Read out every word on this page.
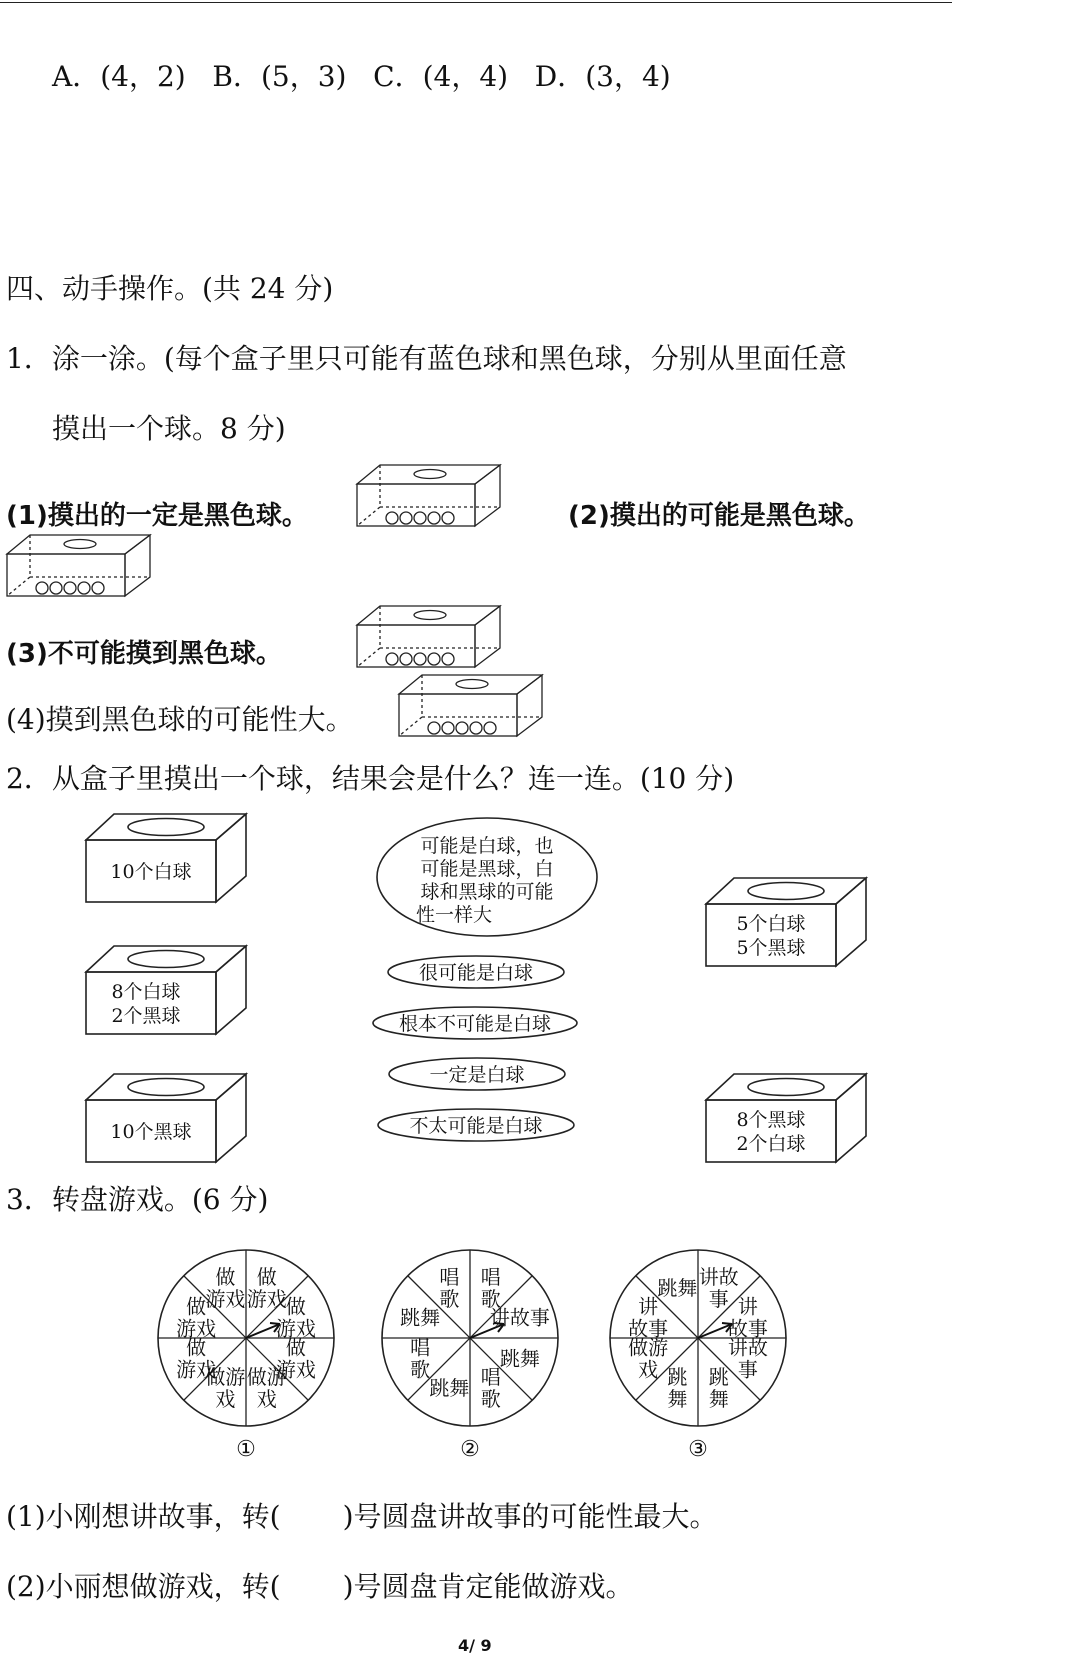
A．(4，2) B．(5，3) C．(4，4) D．(3，4)
四、动手操作。(共 24 分)
1．涂一涂。(每个盒子里只可能有蓝色球和黑色球，分别从里面任意
摸出一个球。8 分)
(1)摸出的一定是黑色球。	(2)摸出的可能是黑色球。
(3)不可能摸到黑色球。
(4)摸到黑色球的可能性大。
2．从盒子里摸出一个球，结果会是什么？连一连。(10 分)
10个白球
8个白球
2个黑球
10个黑球
5个白球
5个黑球
8个黑球
2个白球
可能是白球，也
可能是黑球，白
球和黑球的可能
性一样大
很可能是白球
根本不可能是白球
一定是白球
不太可能是白球
3．转盘游戏。(6 分)
做游戏 做游戏
做游戏
做游戏
做游戏
做游戏
做游戏
做游戏
唱歌
讲故事
跳舞
唱歌
跳舞
唱歌
跳舞
唱歌
讲故事 讲故事
讲故事
跳舞
跳舞
做游戏
讲故事
跳舞
①	②	③
(1)小刚想讲故事，转( )号圆盘讲故事的可能性最大。
(2)小丽想做游戏，转( )号圆盘肯定能做游戏。
4/ 9
